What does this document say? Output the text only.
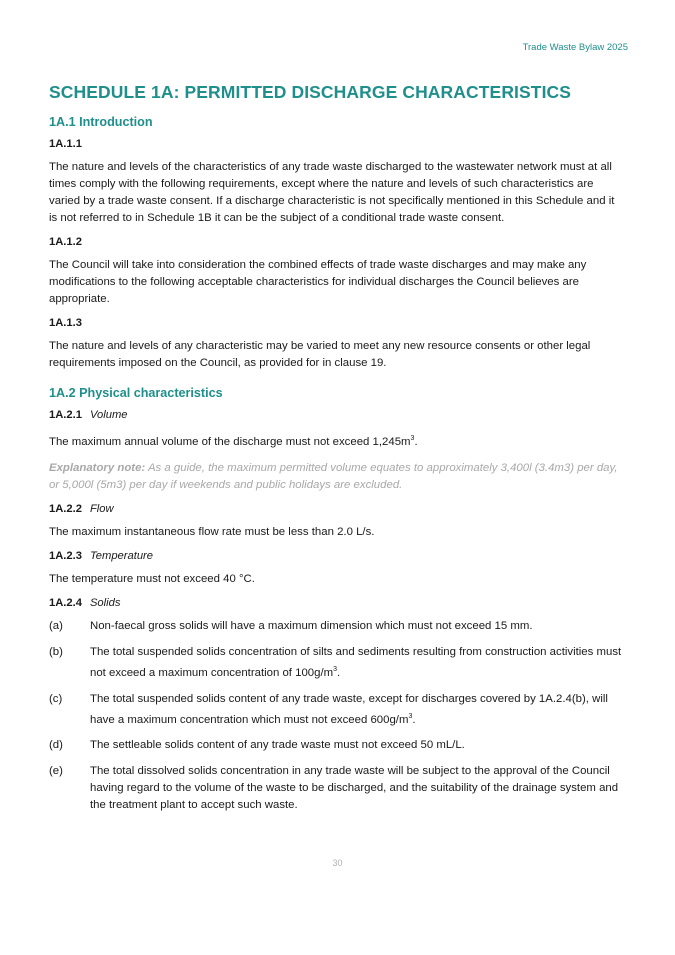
Trade Waste Bylaw 2025
SCHEDULE 1A: PERMITTED DISCHARGE CHARACTERISTICS
1A.1 Introduction
1A.1.1

The nature and levels of the characteristics of any trade waste discharged to the wastewater network must at all times comply with the following requirements, except where the nature and levels of such characteristics are varied by a trade waste consent. If a discharge characteristic is not specifically mentioned in this Schedule and it is not referred to in Schedule 1B it can be the subject of a conditional trade waste consent.

1A.1.2

The Council will take into consideration the combined effects of trade waste discharges and may make any modifications to the following acceptable characteristics for individual discharges the Council believes are appropriate.

1A.1.3

The nature and levels of any characteristic may be varied to meet any new resource consents or other legal requirements imposed on the Council, as provided for in clause 19.

1A.2 Physical characteristics
1A.2.1 Volume

The maximum annual volume of the discharge must not exceed $1,245m^3$.

Explanatory note: As a guide, the maximum permitted volume equates to approximately 3,400l (3.4m3) per day, or 5,000l (5m3) per day if weekends and public holidays are excluded.

1A.2.2 Flow

The maximum instantaneous flow rate must be less than 2.0 L/s.

1A.2.3 Temperature

The temperature must not exceed 40 °C.

1A.2.4 Solids
(a) Non-faecal gross solids will have a maximum dimension which must not exceed 15 mm.
(b) The total suspended solids concentration of silts and sediments resulting from construction activities must not exceed a maximum concentration of $100g/m^3$.
(c) The total suspended solids content of any trade waste, except for discharges covered by 1A.2.4(b), will have a maximum concentration which must not exceed $600g/m^3$.
(d) The settleable solids content of any trade waste must not exceed 50 mL/L.
(e) The total dissolved solids concentration in any trade waste will be subject to the approval of the Council having regard to the volume of the waste to be discharged, and the suitability of the drainage system and the treatment plant to accept such waste.
30
